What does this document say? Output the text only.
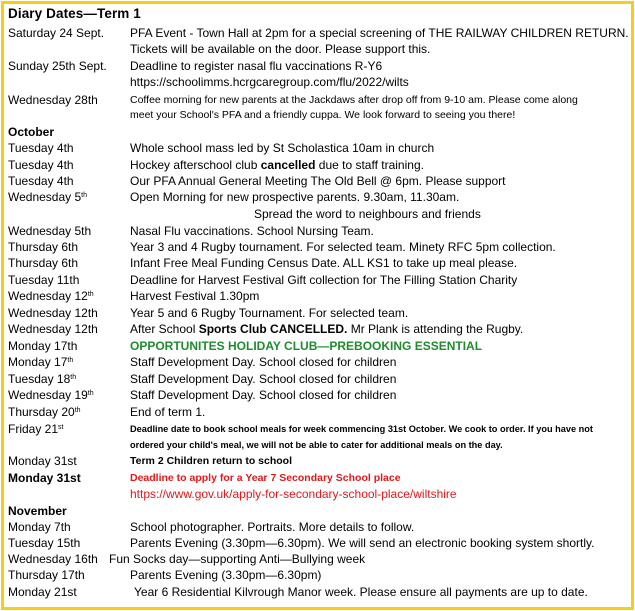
Diary Dates—Term 1
Saturday 24 Sept. PFA Event - Town Hall at 2pm for a special screening of THE RAILWAY CHILDREN RETURN.
Tickets will be available on the door. Please support this.
Sunday 25th Sept. Deadline to register nasal flu vaccinations R-Y6
https://schoolimms.hcrgcaregroup.com/flu/2022/wilts
Wednesday 28th	Coffee morning for new parents at the Jackdaws after drop off from 9-10 am. Please come along
meet your School's PFA and a friendly cuppa. We look forward to seeing you there!
October
Tuesday 4th	Whole school mass led by St Scholastica 10am in church
Tuesday 4th	Hockey afterschool club cancelled due to staff training.
Tuesday 4th	Our PFA Annual General Meeting The Old Bell @ 6pm. Please support
Wednesday 5th	Open Morning for new prospective parents. 9.30am, 11.30am.
Spread the word to neighbours and friends
Wednesday 5th	Nasal Flu vaccinations. School Nursing Team.
Thursday 6th	Year 3 and 4 Rugby tournament. For selected team. Minety RFC 5pm collection.
Thursday 6th	Infant Free Meal Funding Census Date. ALL KS1 to take up meal please.
Tuesday 11th	Deadline for Harvest Festival Gift collection for The Filling Station Charity
Wednesday 12th	Harvest Festival 1.30pm
Wednesday 12th	Year 5 and 6 Rugby Tournament. For selected team.
Wednesday 12th	After School Sports Club CANCELLED. Mr Plank is attending the Rugby.
Monday 17th	OPPORTUNITES HOLIDAY CLUB—PREBOOKING ESSENTIAL
Monday 17th	Staff Development Day. School closed for children
Tuesday 18th	Staff Development Day. School closed for children
Wednesday 19th	Staff Development Day. School closed for children
Thursday 20th	End of term 1.
Friday 21st	Deadline date to book school meals for week commencing 31st October. We cook to order. If you have not
ordered your child's meal, we will not be able to cater for additional meals on the day.
Monday 31st	Term 2 Children return to school
Monday 31st	Deadline to apply for a Year 7 Secondary School place
https://www.gov.uk/apply-for-secondary-school-place/wiltshire
November
Monday 7th	School photographer. Portraits. More details to follow.
Tuesday 15th	Parents Evening (3.30pm—6.30pm). We will send an electronic booking system shortly.
Wednesday 16th Fun Socks day—supporting Anti—Bullying week
Thursday 17th	Parents Evening (3.30pm—6.30pm)
Monday 21st	Year 6 Residential Kilvrough Manor week. Please ensure all payments are up to date.
